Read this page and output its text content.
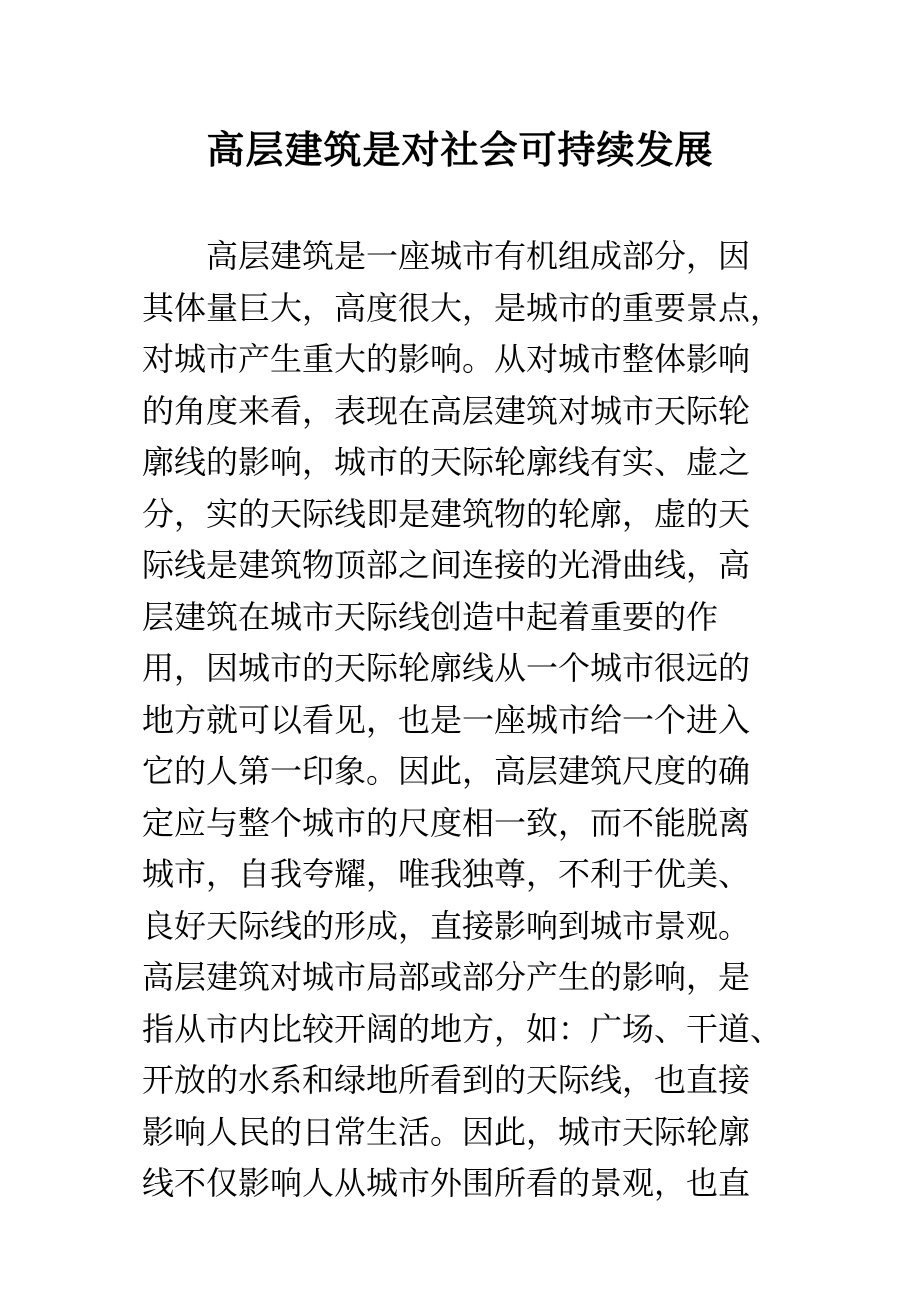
高层建筑是对社会可持续发展
高层建筑是一座城市有机组成部分，因
其体量巨大，高度很大，是城市的重要景点，
对城市产生重大的影响。从对城市整体影响
的角度来看，表现在高层建筑对城市天际轮
廓线的影响，城市的天际轮廓线有实、虚之
分，实的天际线即是建筑物的轮廓，虚的天
际线是建筑物顶部之间连接的光滑曲线，高
层建筑在城市天际线创造中起着重要的作
用，因城市的天际轮廓线从一个城市很远的
地方就可以看见，也是一座城市给一个进入
它的人第一印象。因此，高层建筑尺度的确
定应与整个城市的尺度相一致，而不能脱离
城市，自我夸耀，唯我独尊，不利于优美、
良好天际线的形成，直接影响到城市景观。
高层建筑对城市局部或部分产生的影响，是
指从市内比较开阔的地方，如：广场、干道、
开放的水系和绿地所看到的天际线，也直接
影响人民的日常生活。因此，城市天际轮廓
线不仅影响人从城市外围所看的景观，也直
